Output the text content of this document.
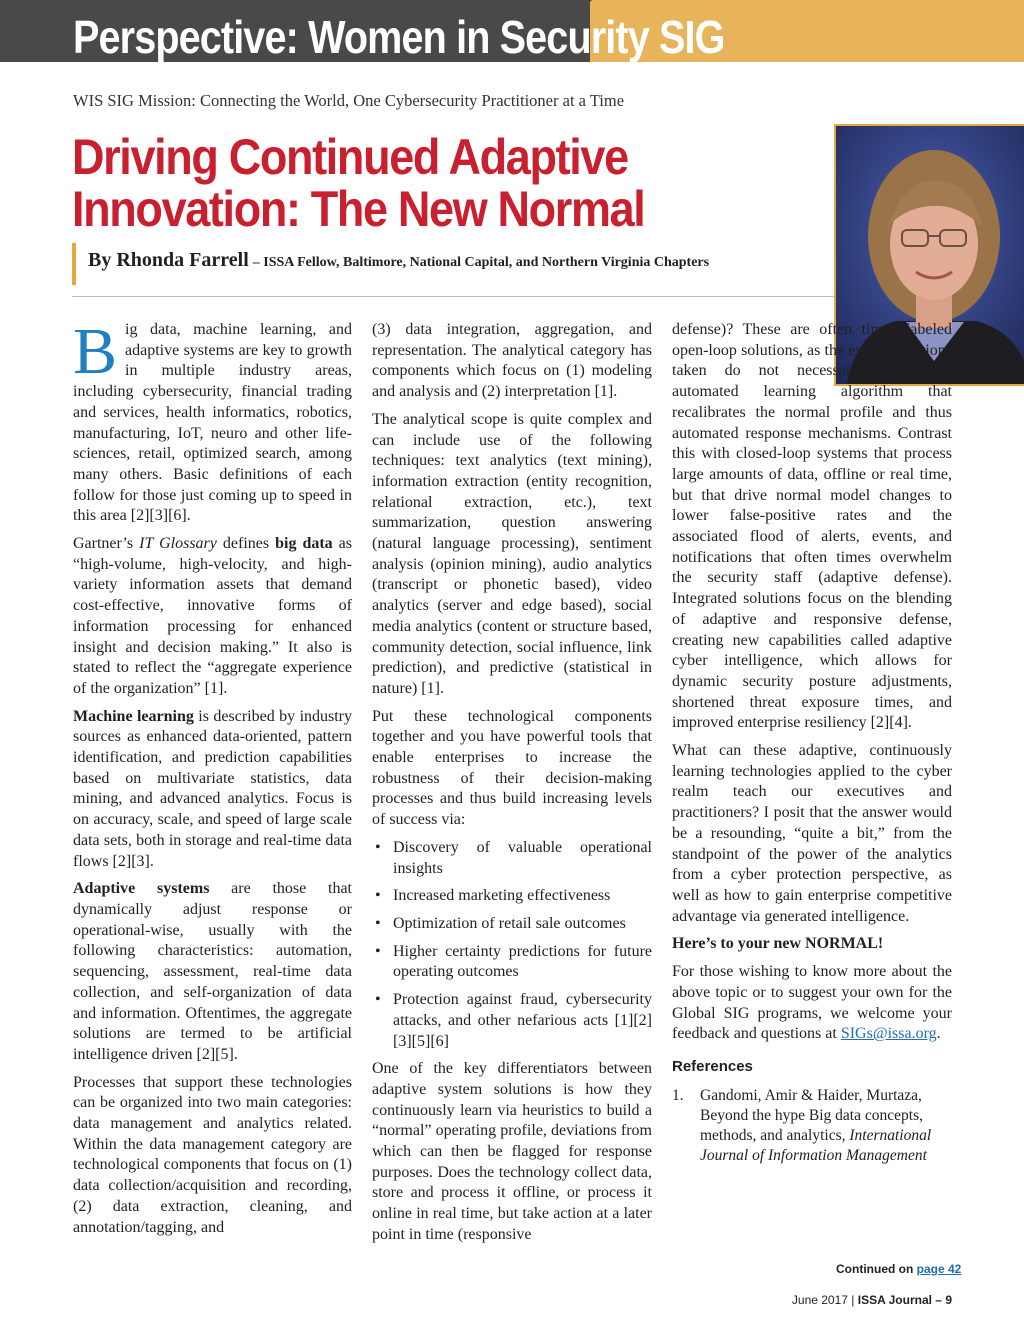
Perspective: Women in Security SIG
WIS SIG Mission: Connecting the World, One Cybersecurity Practitioner at a Time
Driving Continued Adaptive Innovation: The New Normal
By Rhonda Farrell – ISSA Fellow, Baltimore, National Capital, and Northern Virginia Chapters

Big data, machine learning, and adaptive systems are key to growth in multiple industry areas, including cybersecurity, financial trading and services, health informatics, robotics, manufacturing, IoT, neuro and other life-sciences, retail, optimized search, among many others. Basic definitions of each follow for those just coming up to speed in this area [2][3][6].

Gartner’s IT Glossary defines big data as “high-volume, high-velocity, and high-variety information assets that demand cost-effective, innovative forms of information processing for enhanced insight and decision making.” It also is stated to reflect the “aggregate experience of the organization” [1].

Machine learning is described by industry sources as enhanced data-oriented, pattern identification, and prediction capabilities based on multivariate statistics, data mining, and advanced analytics. Focus is on accuracy, scale, and speed of large scale data sets, both in storage and real-time data flows [2][3].

Adaptive systems are those that dynamically adjust response or operational-wise, usually with the following characteristics: automation, sequencing, assessment, real-time data collection, and self-organization of data and information. Oftentimes, the aggregate solutions are termed to be artificial intelligence driven [2][5].

Processes that support these technologies can be organized into two main categories: data management and analytics related. Within the data management category are technological components that focus on (1) data collection/acquisition and recording, (2) data extraction, cleaning, and annotation/tagging, and

(3) data integration, aggregation, and representation. The analytical category has components which focus on (1) modeling and analysis and (2) interpretation [1].

The analytical scope is quite complex and can include use of the following techniques: text analytics (text mining), information extraction (entity recognition, relational extraction, etc.), text summarization, question answering (natural language processing), sentiment analysis (opinion mining), audio analytics (transcript or phonetic based), video analytics (server and edge based), social media analytics (content or structure based, community detection, social influence, link prediction), and predictive (statistical in nature) [1].

Put these technological components together and you have powerful tools that enable enterprises to increase the robustness of their decision-making processes and thus build increasing levels of success via:

• Discovery of valuable operational insights
• Increased marketing effectiveness
• Optimization of retail sale outcomes
• Higher certainty predictions for future operating outcomes
• Protection against fraud, cybersecurity attacks, and other nefarious acts [1][2][3][5][6]

One of the key differentiators between adaptive system solutions is how they continuously learn via heuristics to build a “normal” operating profile, deviations from which can then be flagged for response purposes. Does the technology collect data, store and process it offline, or process it online in real time, but take action at a later point in time (responsive

defense)? These are often times labeled open-loop solutions, as the eventual actions taken do not necessarily drive an automated learning algorithm that recalibrates the normal profile and thus automated response mechanisms. Contrast this with closed-loop systems that process large amounts of data, offline or real time, but that drive normal model changes to lower false-positive rates and the associated flood of alerts, events, and notifications that often times overwhelm the security staff (adaptive defense). Integrated solutions focus on the blending of adaptive and responsive defense, creating new capabilities called adaptive cyber intelligence, which allows for dynamic security posture adjustments, shortened threat exposure times, and improved enterprise resiliency [2][4].

What can these adaptive, continuously learning technologies applied to the cyber realm teach our executives and practitioners? I posit that the answer would be a resounding, “quite a bit,” from the standpoint of the power of the analytics from a cyber protection perspective, as well as how to gain enterprise competitive advantage via generated intelligence.

Here’s to your new NORMAL!

For those wishing to know more about the above topic or to suggest your own for the Global SIG programs, we welcome your feedback and questions at SIGs@issa.org.

References
1.	Gandomi, Amir & Haider, Murtaza, Beyond the hype Big data concepts, methods, and analytics, International Journal of Information Management
Continued on page 42
June 2017 | ISSA Journal – 9
